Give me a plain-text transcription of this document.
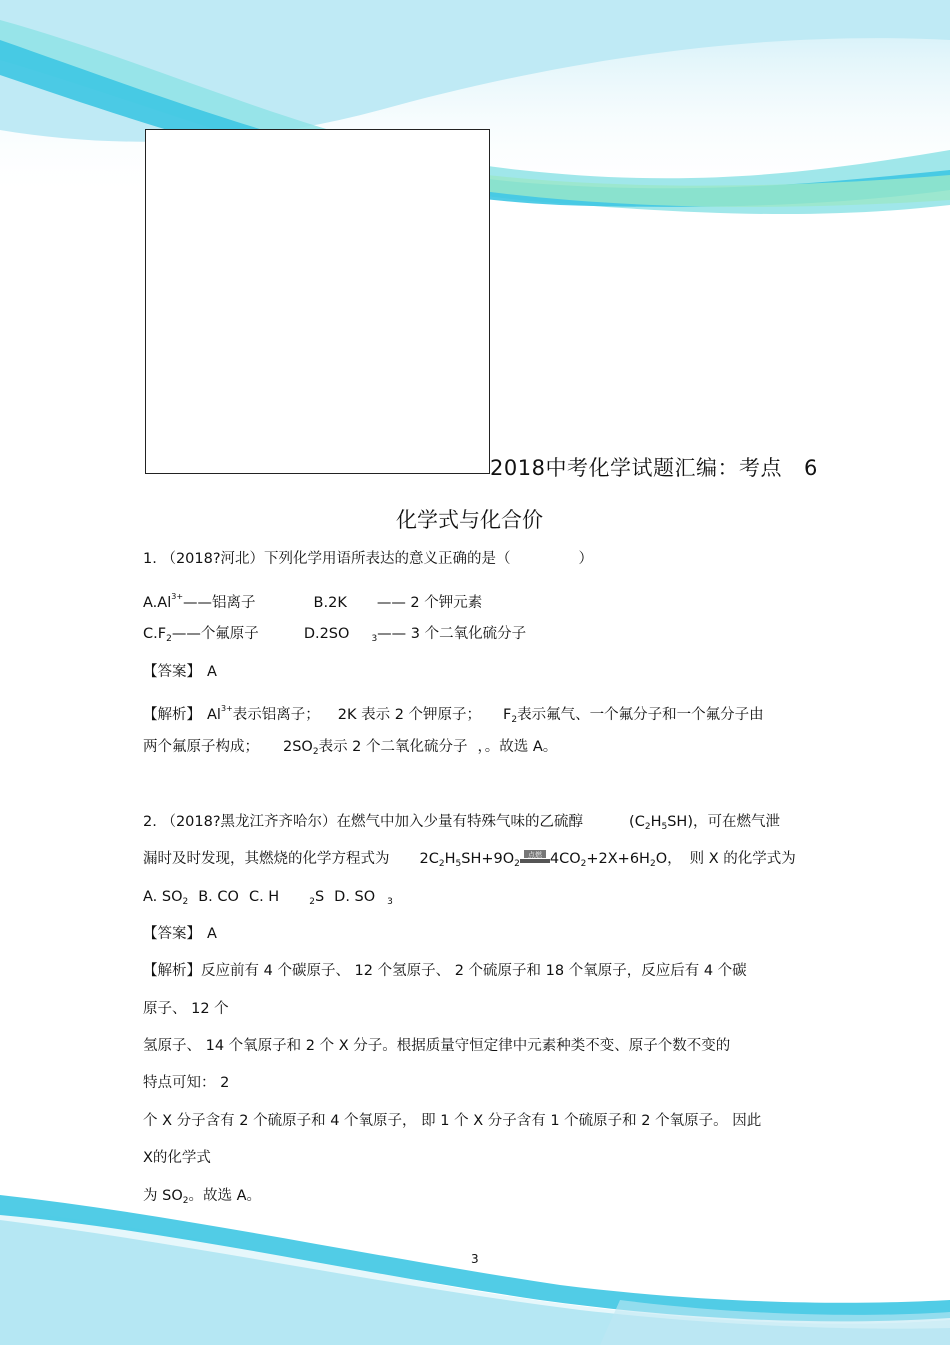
2018中考化学试题汇编：考点 6
化学式与化合价
1. （2018?河北）下列化学用语所表达的意义正确的是（	）
$A.Al^{3+}——$铝离子	B.2K —— 2 个钾元素
$C.F_2——$个氟原子	D.2SO $_3$—— 3 个二氧化硫分子
【答案】 A
【解析】 $Al^{3+}$表示铝离子； 2K 表示 2 个钾原子； $F_2$表示氟气、一个氟分子和一个氟分子由
两个氟原子构成； $2SO_2$表示 2 个二氧化硫分子 ，。故选 A。
2. （2018?黑龙江齐齐哈尔）在燃气中加入少量有特殊气味的乙硫醇	$(C_2H_5SH)$，可在燃气泄
漏时及时发现，其燃烧的化学方程式为 $2C_2H_5SH+9O_2$
点燃 $4CO_2+2X+6H_2O$， 则 X 的化学式为
A. $SO_2$ B. CO C. H	$_2$S D. SO $_3$
【答案】 A
【解析】反应前有 4 个碳原子、 12 个氢原子、 2 个硫原子和 18 个氧原子，反应后有 4 个碳
原子、 12 个
氢原子、 14 个氧原子和 2 个 X 分子。根据质量守恒定律中元素种类不变、原子个数不变的
特点可知： 2
个 X 分子含有 2 个硫原子和 4 个氧原子， 即 1 个 X 分子含有 1 个硫原子和 2 个氧原子。 因此
X的化学式
为 $SO_2$。故选 A。
3
